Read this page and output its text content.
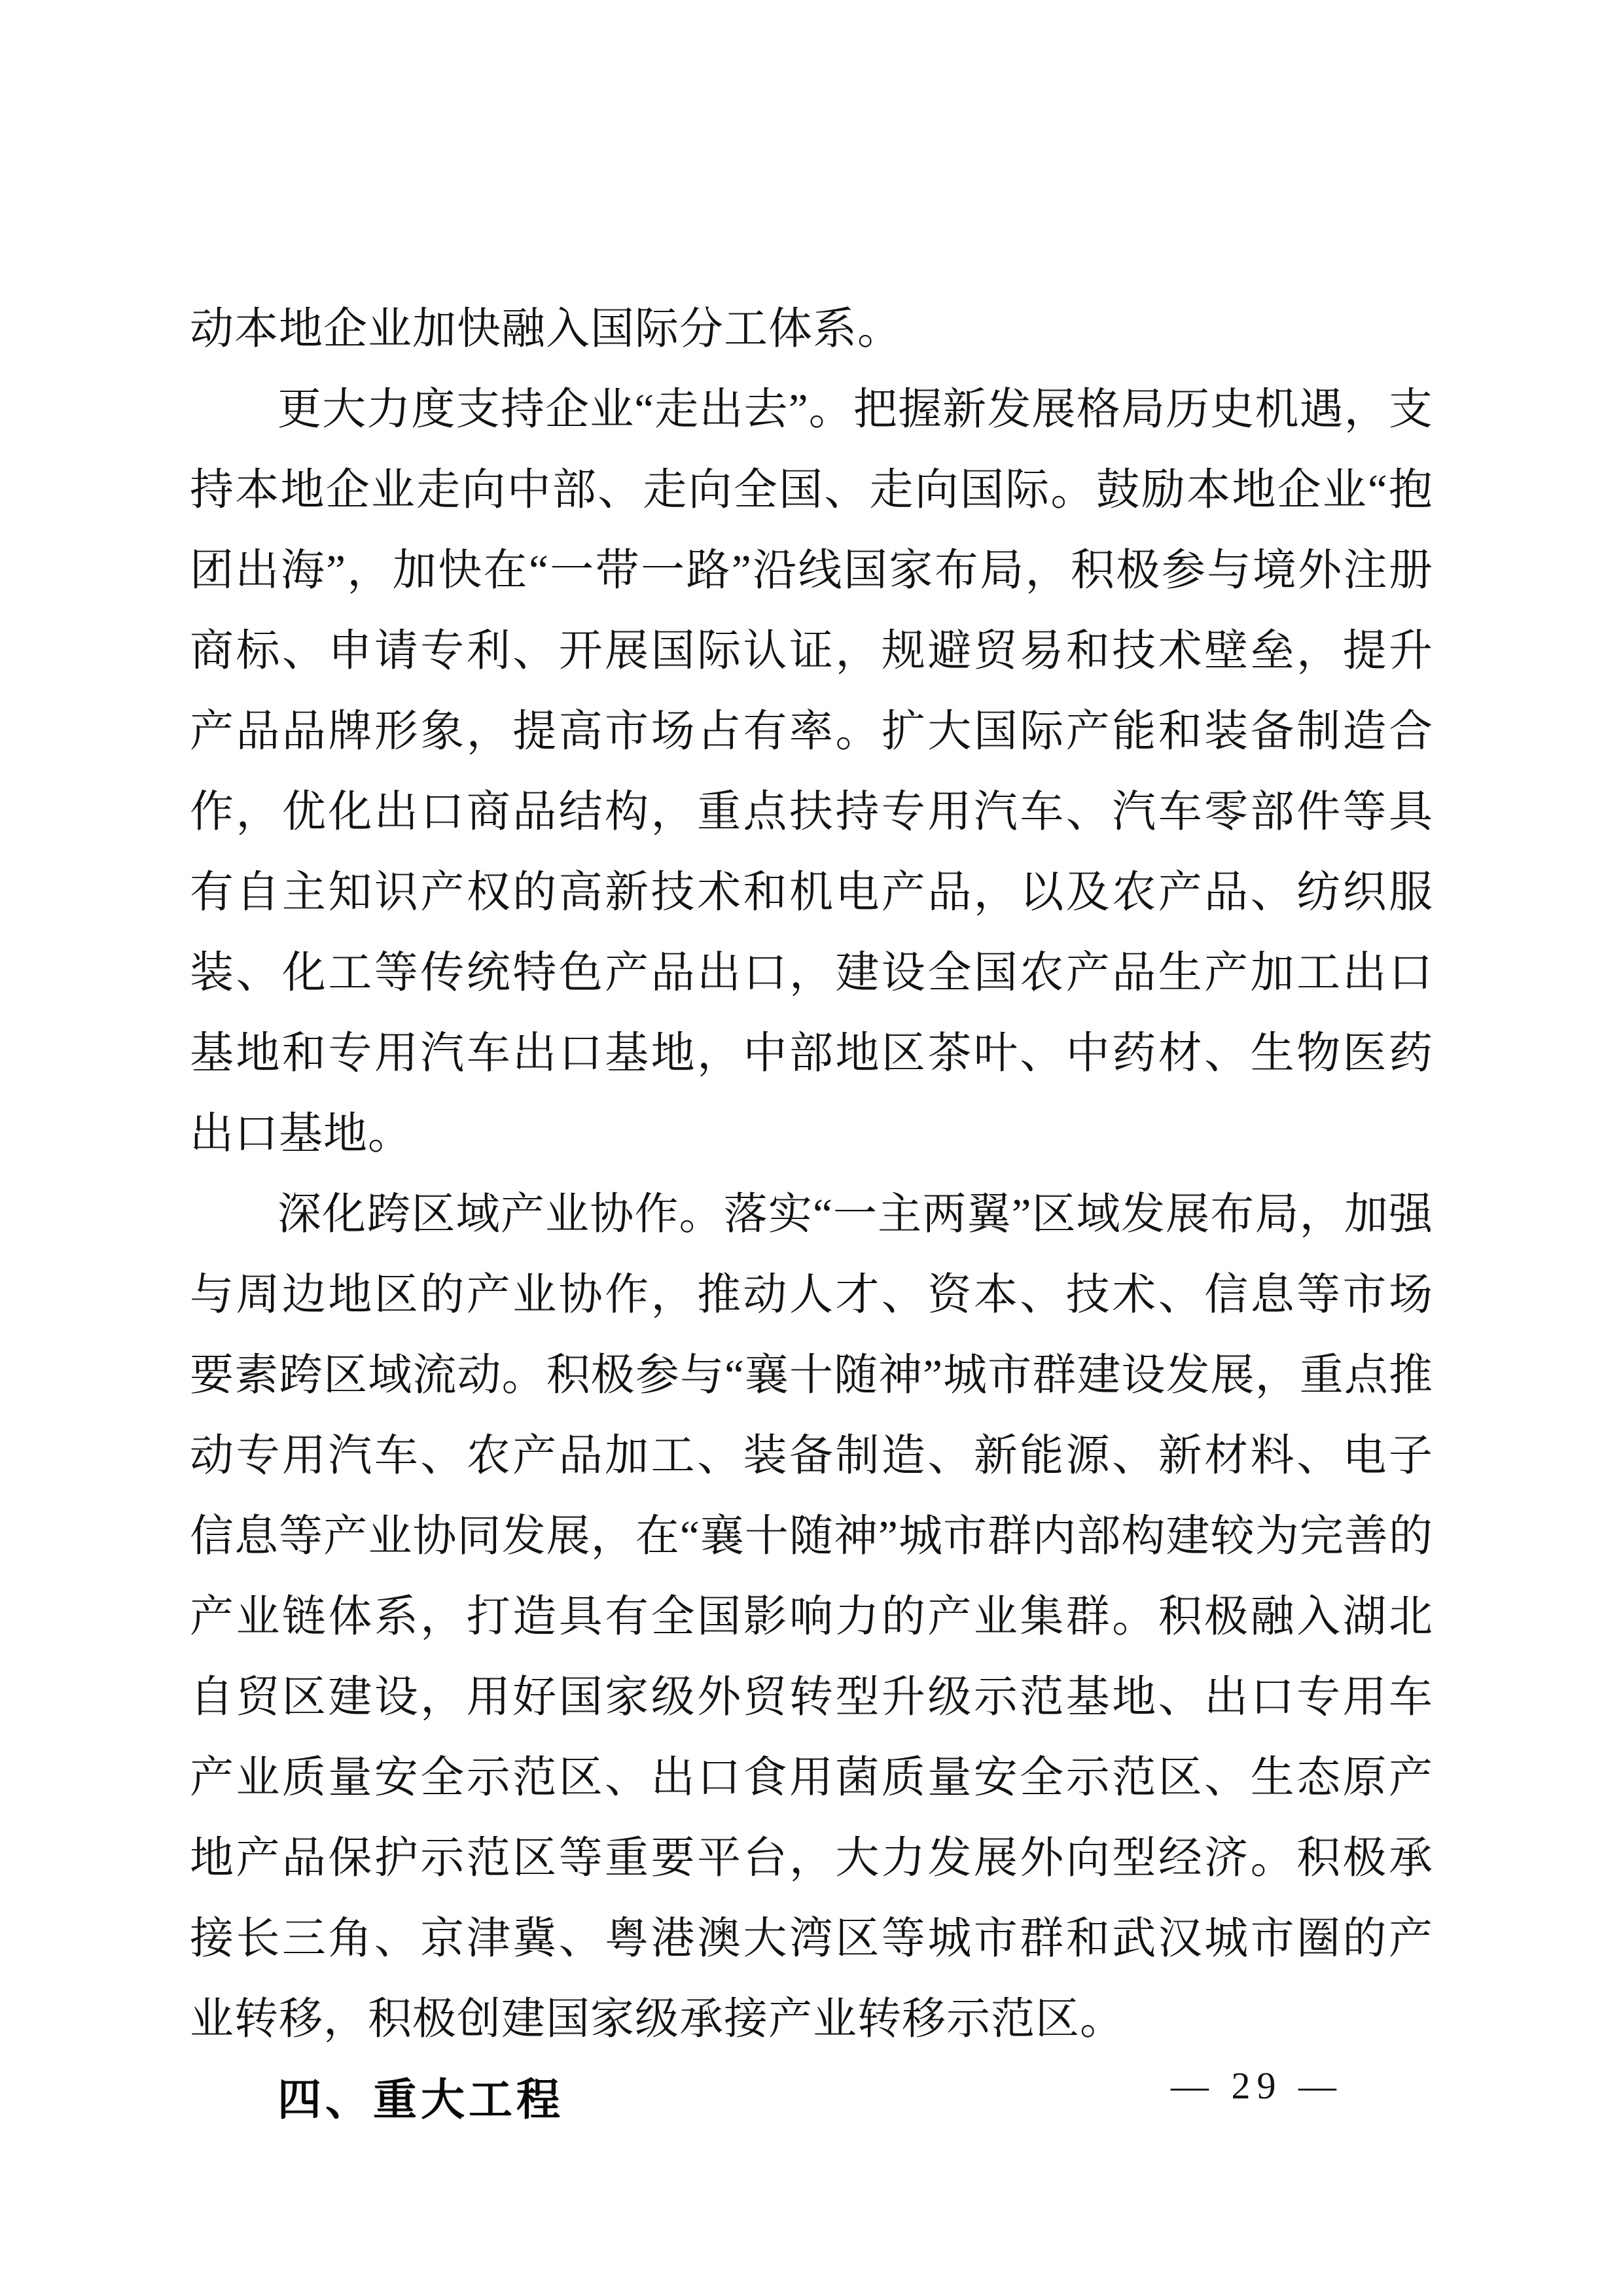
动本地企业加快融入国际分工体系。

更大力度支持企业“走出去”。把握新发展格局历史机遇，支持本地企业走向中部、走向全国、走向国际。鼓励本地企业“抱团出海”，加快在“一带一路”沿线国家布局，积极参与境外注册商标、申请专利、开展国际认证，规避贸易和技术壁垒，提升产品品牌形象，提高市场占有率。扩大国际产能和装备制造合作，优化出口商品结构，重点扶持专用汽车、汽车零部件等具有自主知识产权的高新技术和机电产品，以及农产品、纺织服装、化工等传统特色产品出口，建设全国农产品生产加工出口基地和专用汽车出口基地，中部地区茶叶、中药材、生物医药出口基地。

深化跨区域产业协作。落实“一主两翼”区域发展布局，加强与周边地区的产业协作，推动人才、资本、技术、信息等市场要素跨区域流动。积极参与“襄十随神”城市群建设发展，重点推动专用汽车、农产品加工、装备制造、新能源、新材料、电子信息等产业协同发展，在“襄十随神”城市群内部构建较为完善的产业链体系，打造具有全国影响力的产业集群。积极融入湖北自贸区建设，用好国家级外贸转型升级示范基地、出口专用车产业质量安全示范区、出口食用菌质量安全示范区、生态原产地产品保护示范区等重要平台，大力发展外向型经济。积极承接长三角、京津冀、粤港澳大湾区等城市群和武汉城市圈的产业转移，积极创建国家级承接产业转移示范区。

四、重大工程	— 29 —
